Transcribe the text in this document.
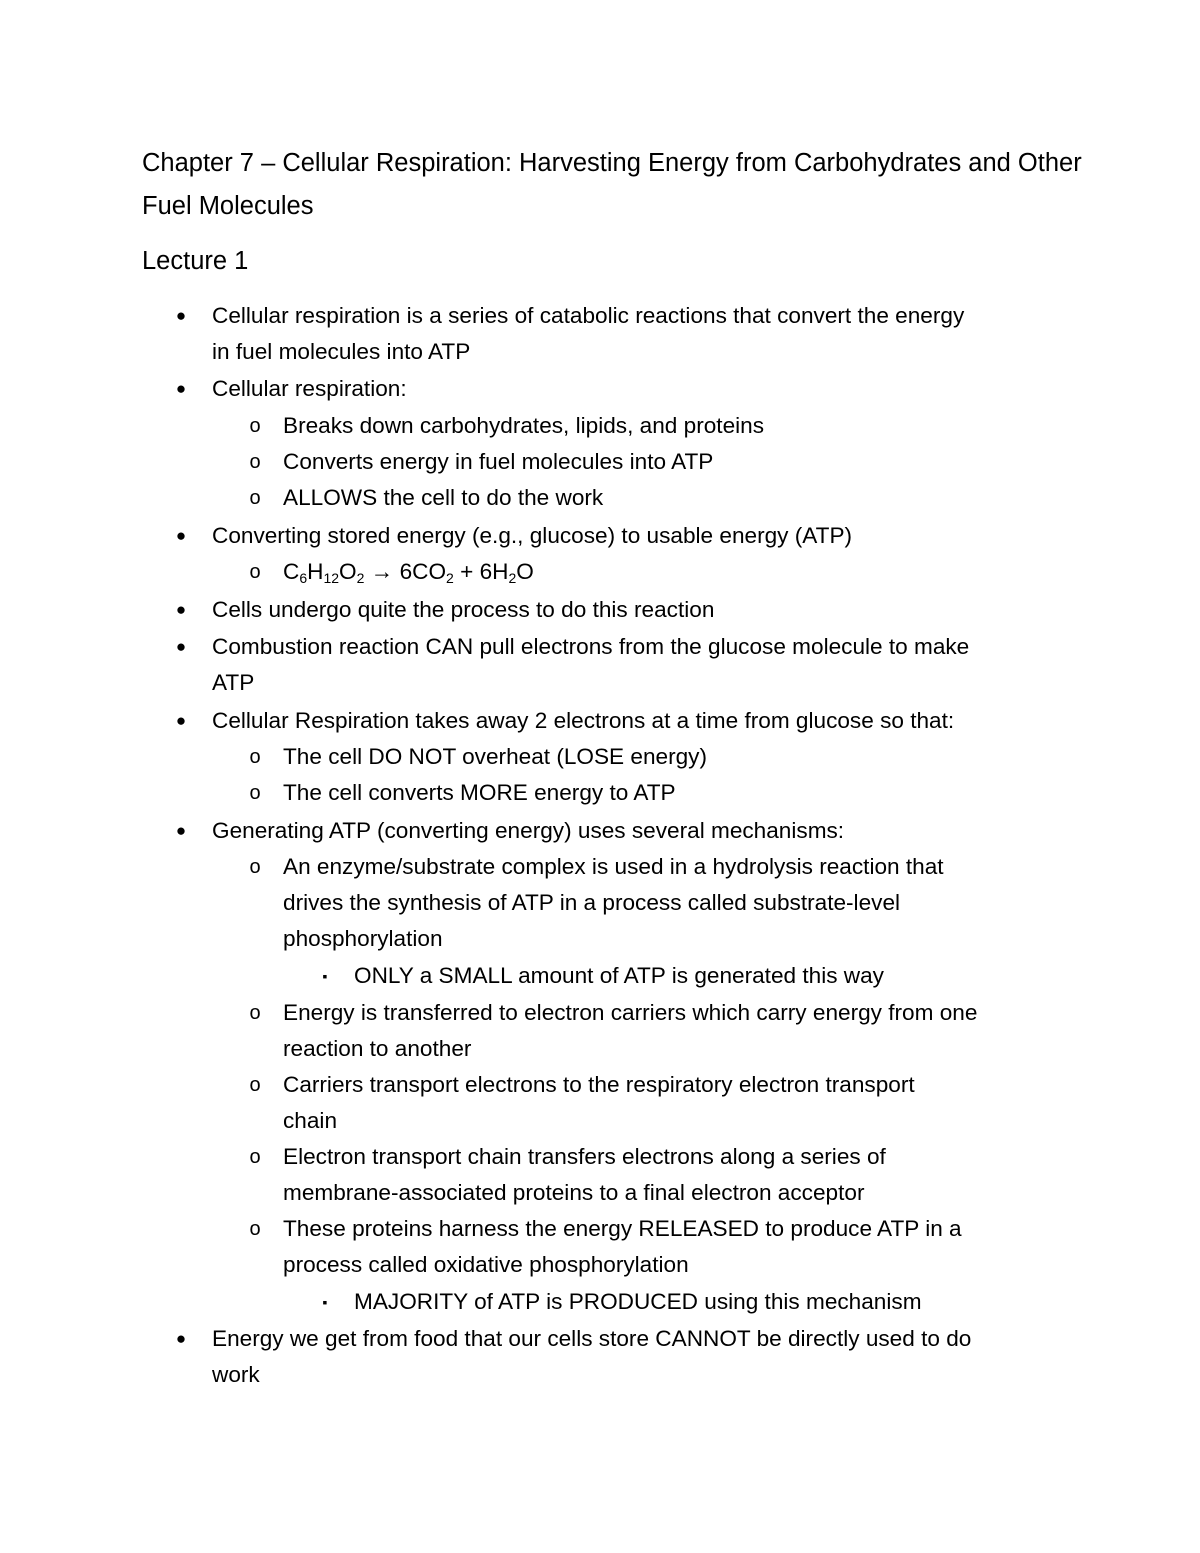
Chapter 7 – Cellular Respiration: Harvesting Energy from Carbohydrates and Other Fuel Molecules
Lecture 1
● Cellular respiration is a series of catabolic reactions that convert the energy
in fuel molecules into ATP
● Cellular respiration:
o Breaks down carbohydrates, lipids, and proteins
o Converts energy in fuel molecules into ATP
o ALLOWS the cell to do the work
● Converting stored energy (e.g., glucose) to usable energy (ATP)
o $C_6H_{12}O_2 \to 6CO_2 + 6H_2O$
● Cells undergo quite the process to do this reaction
● Combustion reaction CAN pull electrons from the glucose molecule to make
ATP
● Cellular Respiration takes away 2 electrons at a time from glucose so that:
o The cell DO NOT overheat (LOSE energy)
o The cell converts MORE energy to ATP
● Generating ATP (converting energy) uses several mechanisms:
o An enzyme/substrate complex is used in a hydrolysis reaction that
drives the synthesis of ATP in a process called substrate-level
phosphorylation
▪ ONLY a SMALL amount of ATP is generated this way
o Energy is transferred to electron carriers which carry energy from one
reaction to another
o Carriers transport electrons to the respiratory electron transport
chain
o Electron transport chain transfers electrons along a series of
membrane-associated proteins to a final electron acceptor
o These proteins harness the energy RELEASED to produce ATP in a
process called oxidative phosphorylation
▪ MAJORITY of ATP is PRODUCED using this mechanism
● Energy we get from food that our cells store CANNOT be directly used to do
work
